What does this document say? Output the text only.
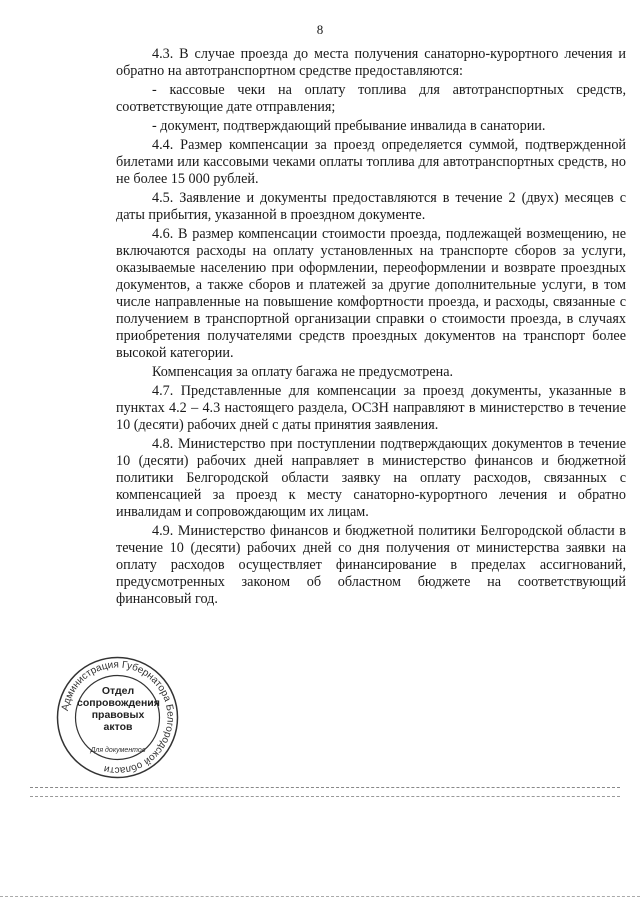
8

4.3. В случае проезда до места получения санаторно-курортного лечения и обратно на автотранспортном средстве предоставляются:

- кассовые чеки на оплату топлива для автотранспортных средств, соответствующие дате отправления;

- документ, подтверждающий пребывание инвалида в санатории.

4.4. Размер компенсации за проезд определяется суммой, подтвержденной билетами или кассовыми чеками оплаты топлива для автотранспортных средств, но не более 15 000 рублей.

4.5. Заявление и документы предоставляются в течение 2 (двух) месяцев с даты прибытия, указанной в проездном документе.

4.6. В размер компенсации стоимости проезда, подлежащей возмещению, не включаются расходы на оплату установленных на транспорте сборов за услуги, оказываемые населению при оформлении, переоформлении и возврате проездных документов, а также сборов и платежей за другие дополнительные услуги, в том числе направленные на повышение комфортности проезда, и расходы, связанные с получением в транспортной организации справки о стоимости проезда, в случаях приобретения получателями средств проездных документов на транспорт более высокой категории.

Компенсация за оплату багажа не предусмотрена.

4.7. Представленные для компенсации за проезд документы, указанные в пунктах 4.2 – 4.3 настоящего раздела, ОСЗН направляют в министерство в течение 10 (десяти) рабочих дней с даты принятия заявления.

4.8. Министерство при поступлении подтверждающих документов в течение 10 (десяти) рабочих дней направляет в министерство финансов и бюджетной политики Белгородской области заявку на оплату расходов, связанных с компенсацией за проезд к месту санаторно-курортного лечения и обратно инвалидам и сопровождающим их лицам.

4.9. Министерство финансов и бюджетной политики Белгородской области в течение 10 (десяти) рабочих дней со дня получения от министерства заявки на оплату расходов осуществляет финансирование в пределах ассигнований, предусмотренных законом об областном бюджете на соответствующий финансовый год.

Администрация Губернатора Белгородской области
Отдел
сопровождения
правовых
актов
Для документов
